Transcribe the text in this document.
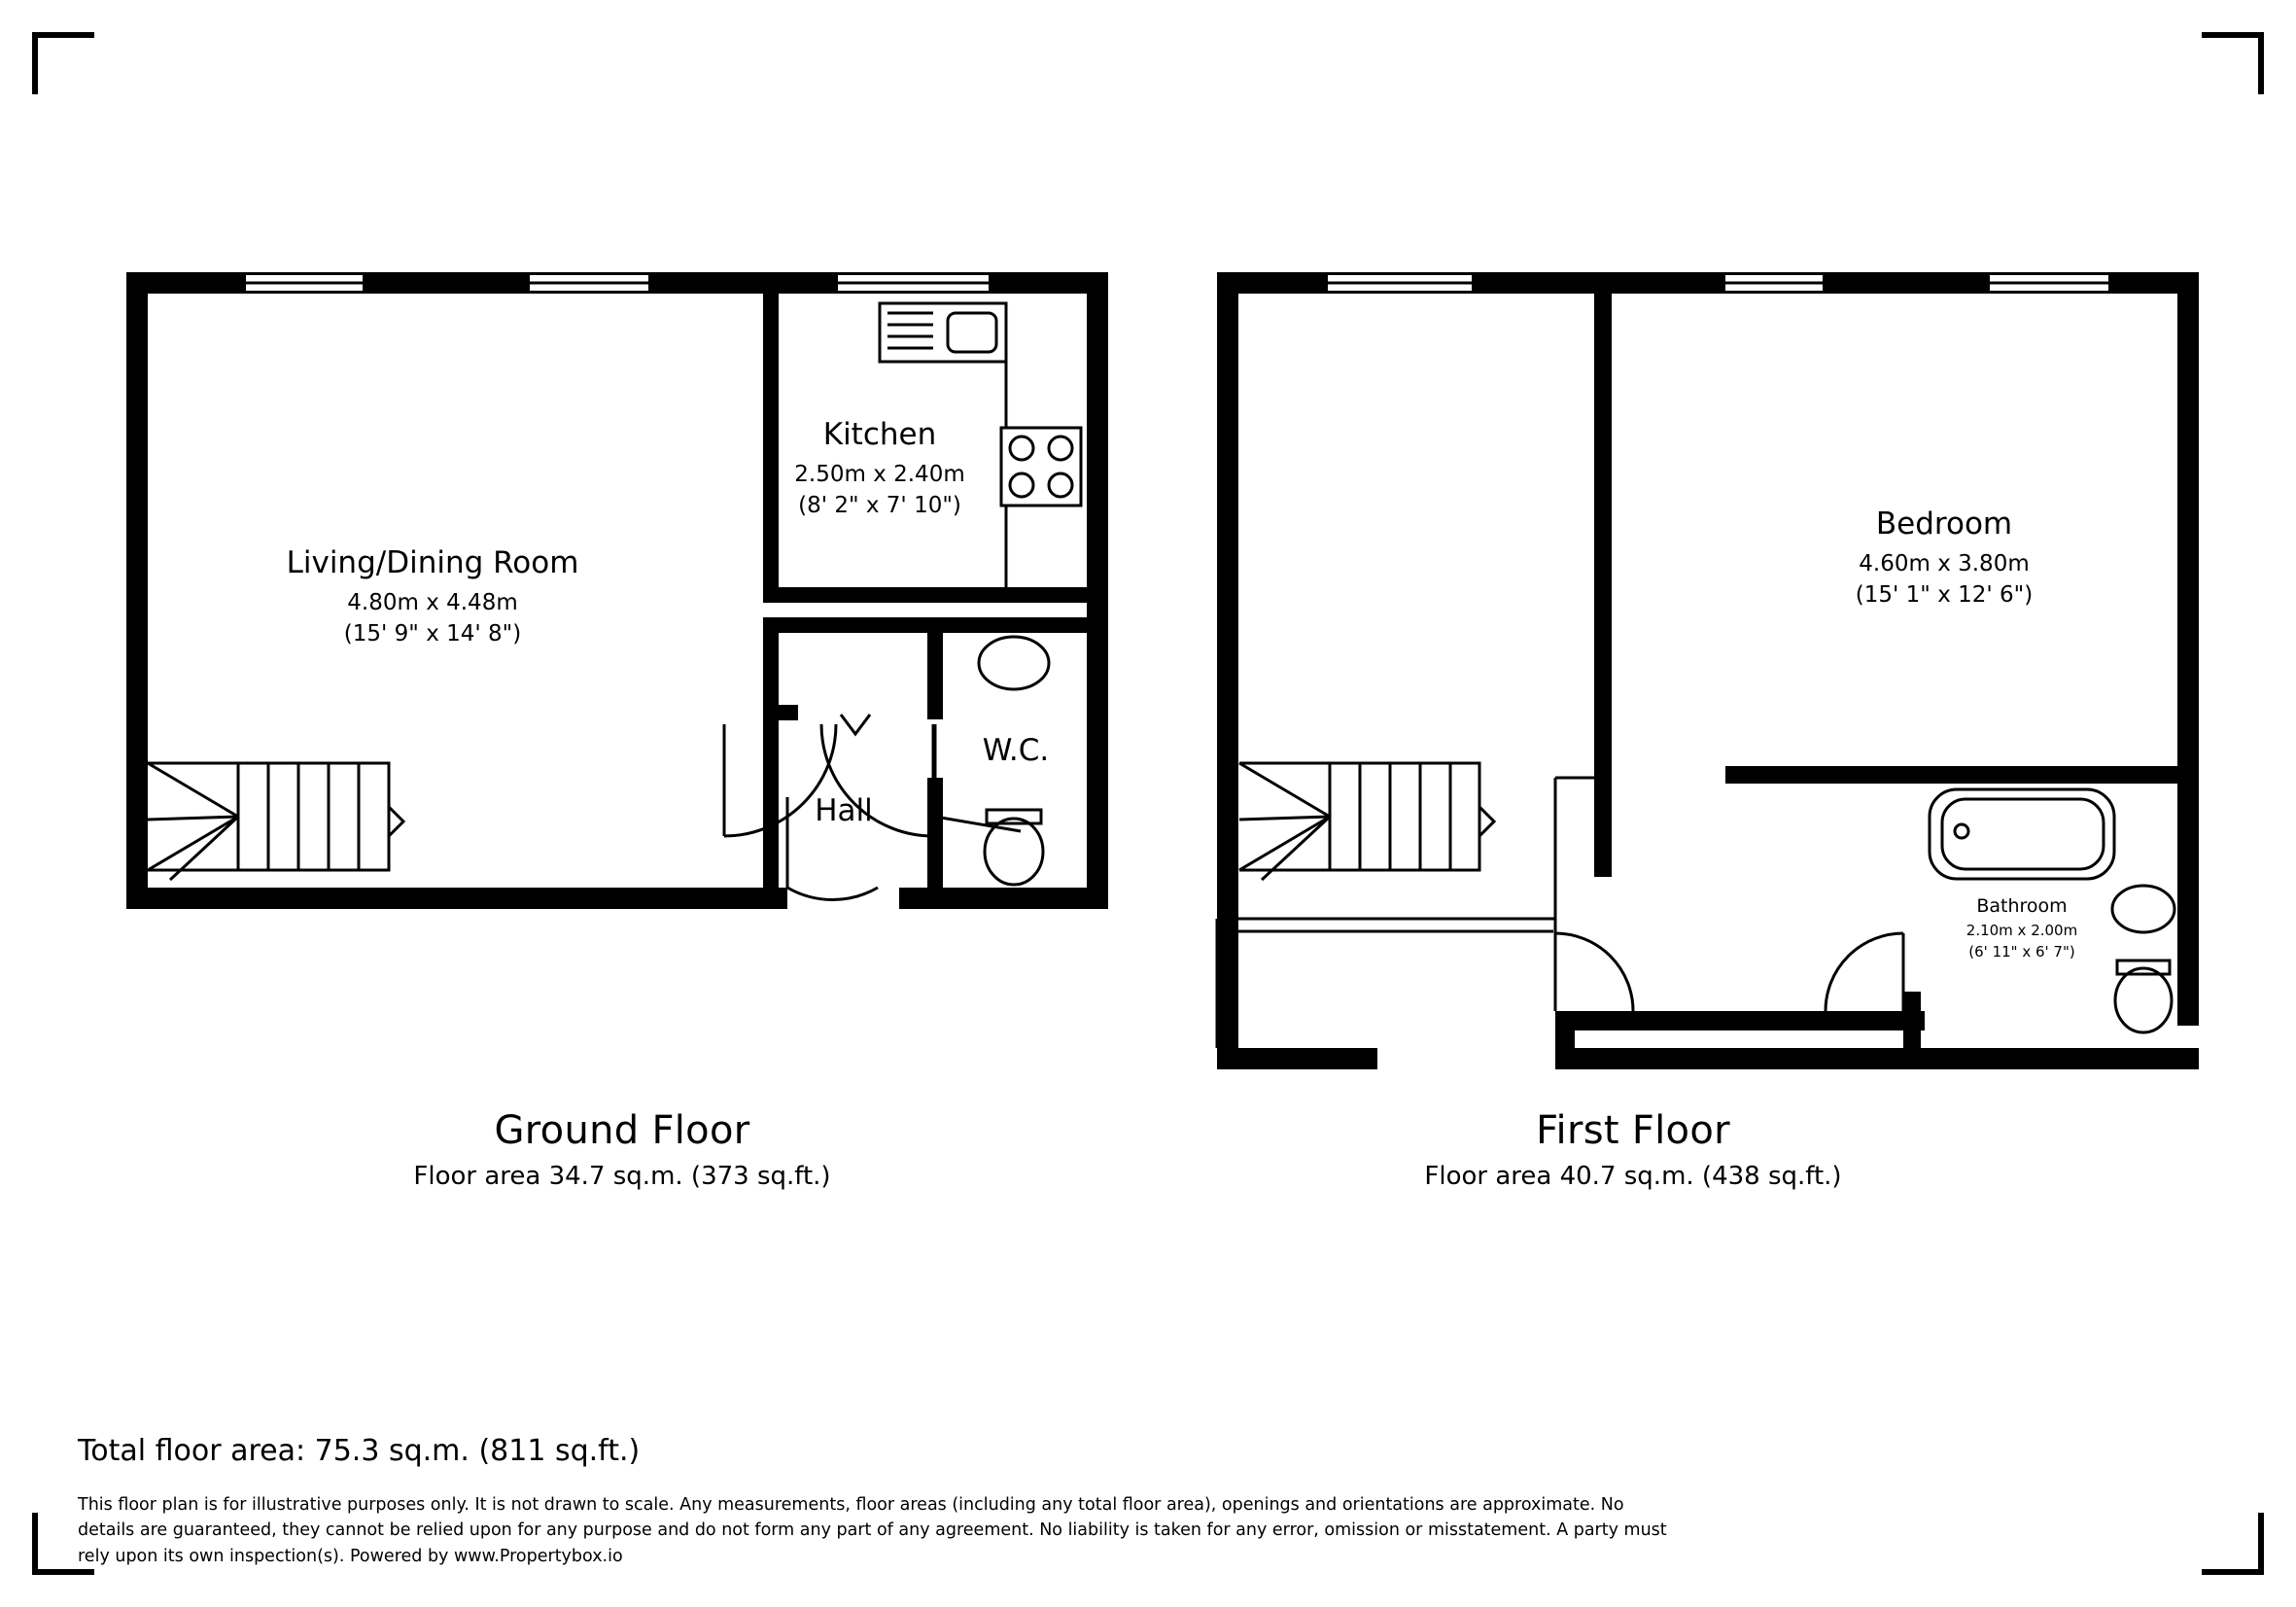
Living/Dining Room
4.80m x 4.48m
(15' 9" x 14' 8")
Kitchen
2.50m x 2.40m
(8' 2" x 7' 10")
Hall
W.C.
Ground Floor
Floor area 34.7 sq.m. (373 sq.ft.)
Bedroom
4.60m x 3.80m
(15' 1" x 12' 6")
Bathroom
2.10m x 2.00m
(6' 11" x 6' 7")
First Floor
Floor area 40.7 sq.m. (438 sq.ft.)
Total floor area: 75.3 sq.m. (811 sq.ft.)
This floor plan is for illustrative purposes only. It is not drawn to scale. Any measurements, floor areas (including any total floor area), openings and orientations are approximate. No details are guaranteed, they cannot be relied upon for any purpose and do not form any part of any agreement. No liability is taken for any error, omission or misstatement. A party must rely upon its own inspection(s). Powered by www.Propertybox.io
